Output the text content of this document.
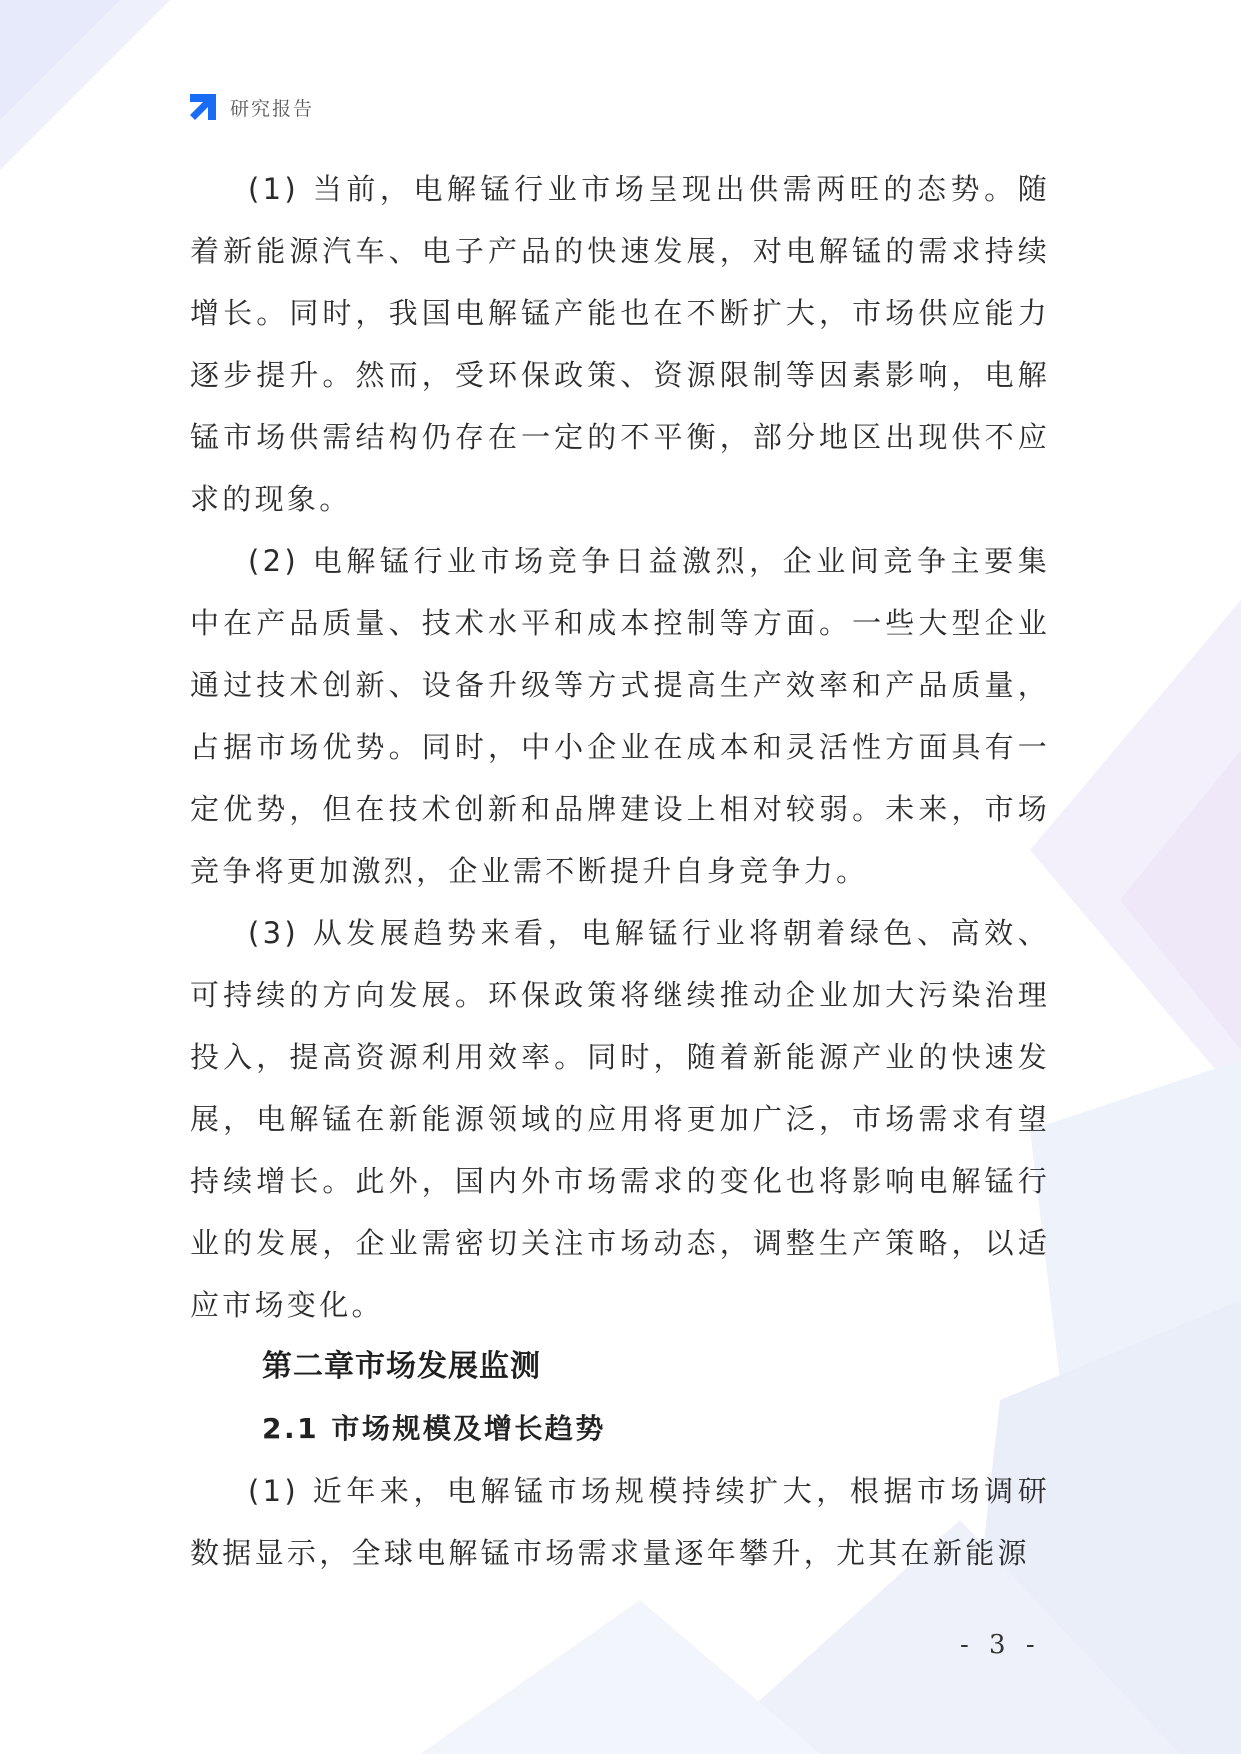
研究报告

(1) 当前，电解锰行业市场呈现出供需两旺的态势。随着新能源汽车、电子产品的快速发展，对电解锰的需求持续增长。同时，我国电解锰产能也在不断扩大，市场供应能力逐步提升。然而，受环保政策、资源限制等因素影响，电解锰市场供需结构仍存在一定的不平衡，部分地区出现供不应求的现象。

(2) 电解锰行业市场竞争日益激烈，企业间竞争主要集中在产品质量、技术水平和成本控制等方面。一些大型企业通过技术创新、设备升级等方式提高生产效率和产品质量，占据市场优势。同时，中小企业在成本和灵活性方面具有一定优势，但在技术创新和品牌建设上相对较弱。未来，市场竞争将更加激烈，企业需不断提升自身竞争力。

(3) 从发展趋势来看，电解锰行业将朝着绿色、高效、可持续的方向发展。环保政策将继续推动企业加大污染治理投入，提高资源利用效率。同时，随着新能源产业的快速发展，电解锰在新能源领域的应用将更加广泛，市场需求有望持续增长。此外，国内外市场需求的变化也将影响电解锰行业的发展，企业需密切关注市场动态，调整生产策略，以适应市场变化。

第二章市场发展监测
2.1 市场规模及增长趋势

(1) 近年来，电解锰市场规模持续扩大，根据市场调研数据显示，全球电解锰市场需求量逐年攀升，尤其在新能源

- 3 -
